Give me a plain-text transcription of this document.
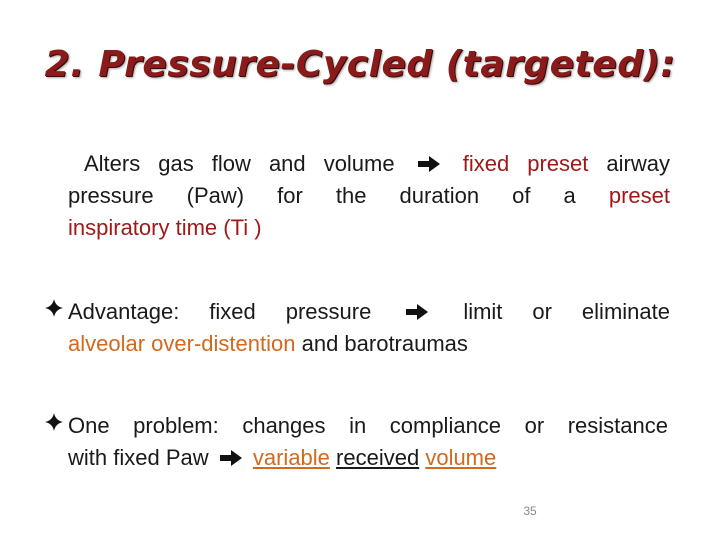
2. Pressure-Cycled (targeted):
Alters gas flow and volume	fixed preset airway
pressure (Paw) for the duration of a preset
inspiratory time (Ti )
Advantage: fixed pressure	limit or eliminate
alveolar over-distention and barotraumas
One problem: changes in compliance or resistance
with fixed Paw variable received volume
35
